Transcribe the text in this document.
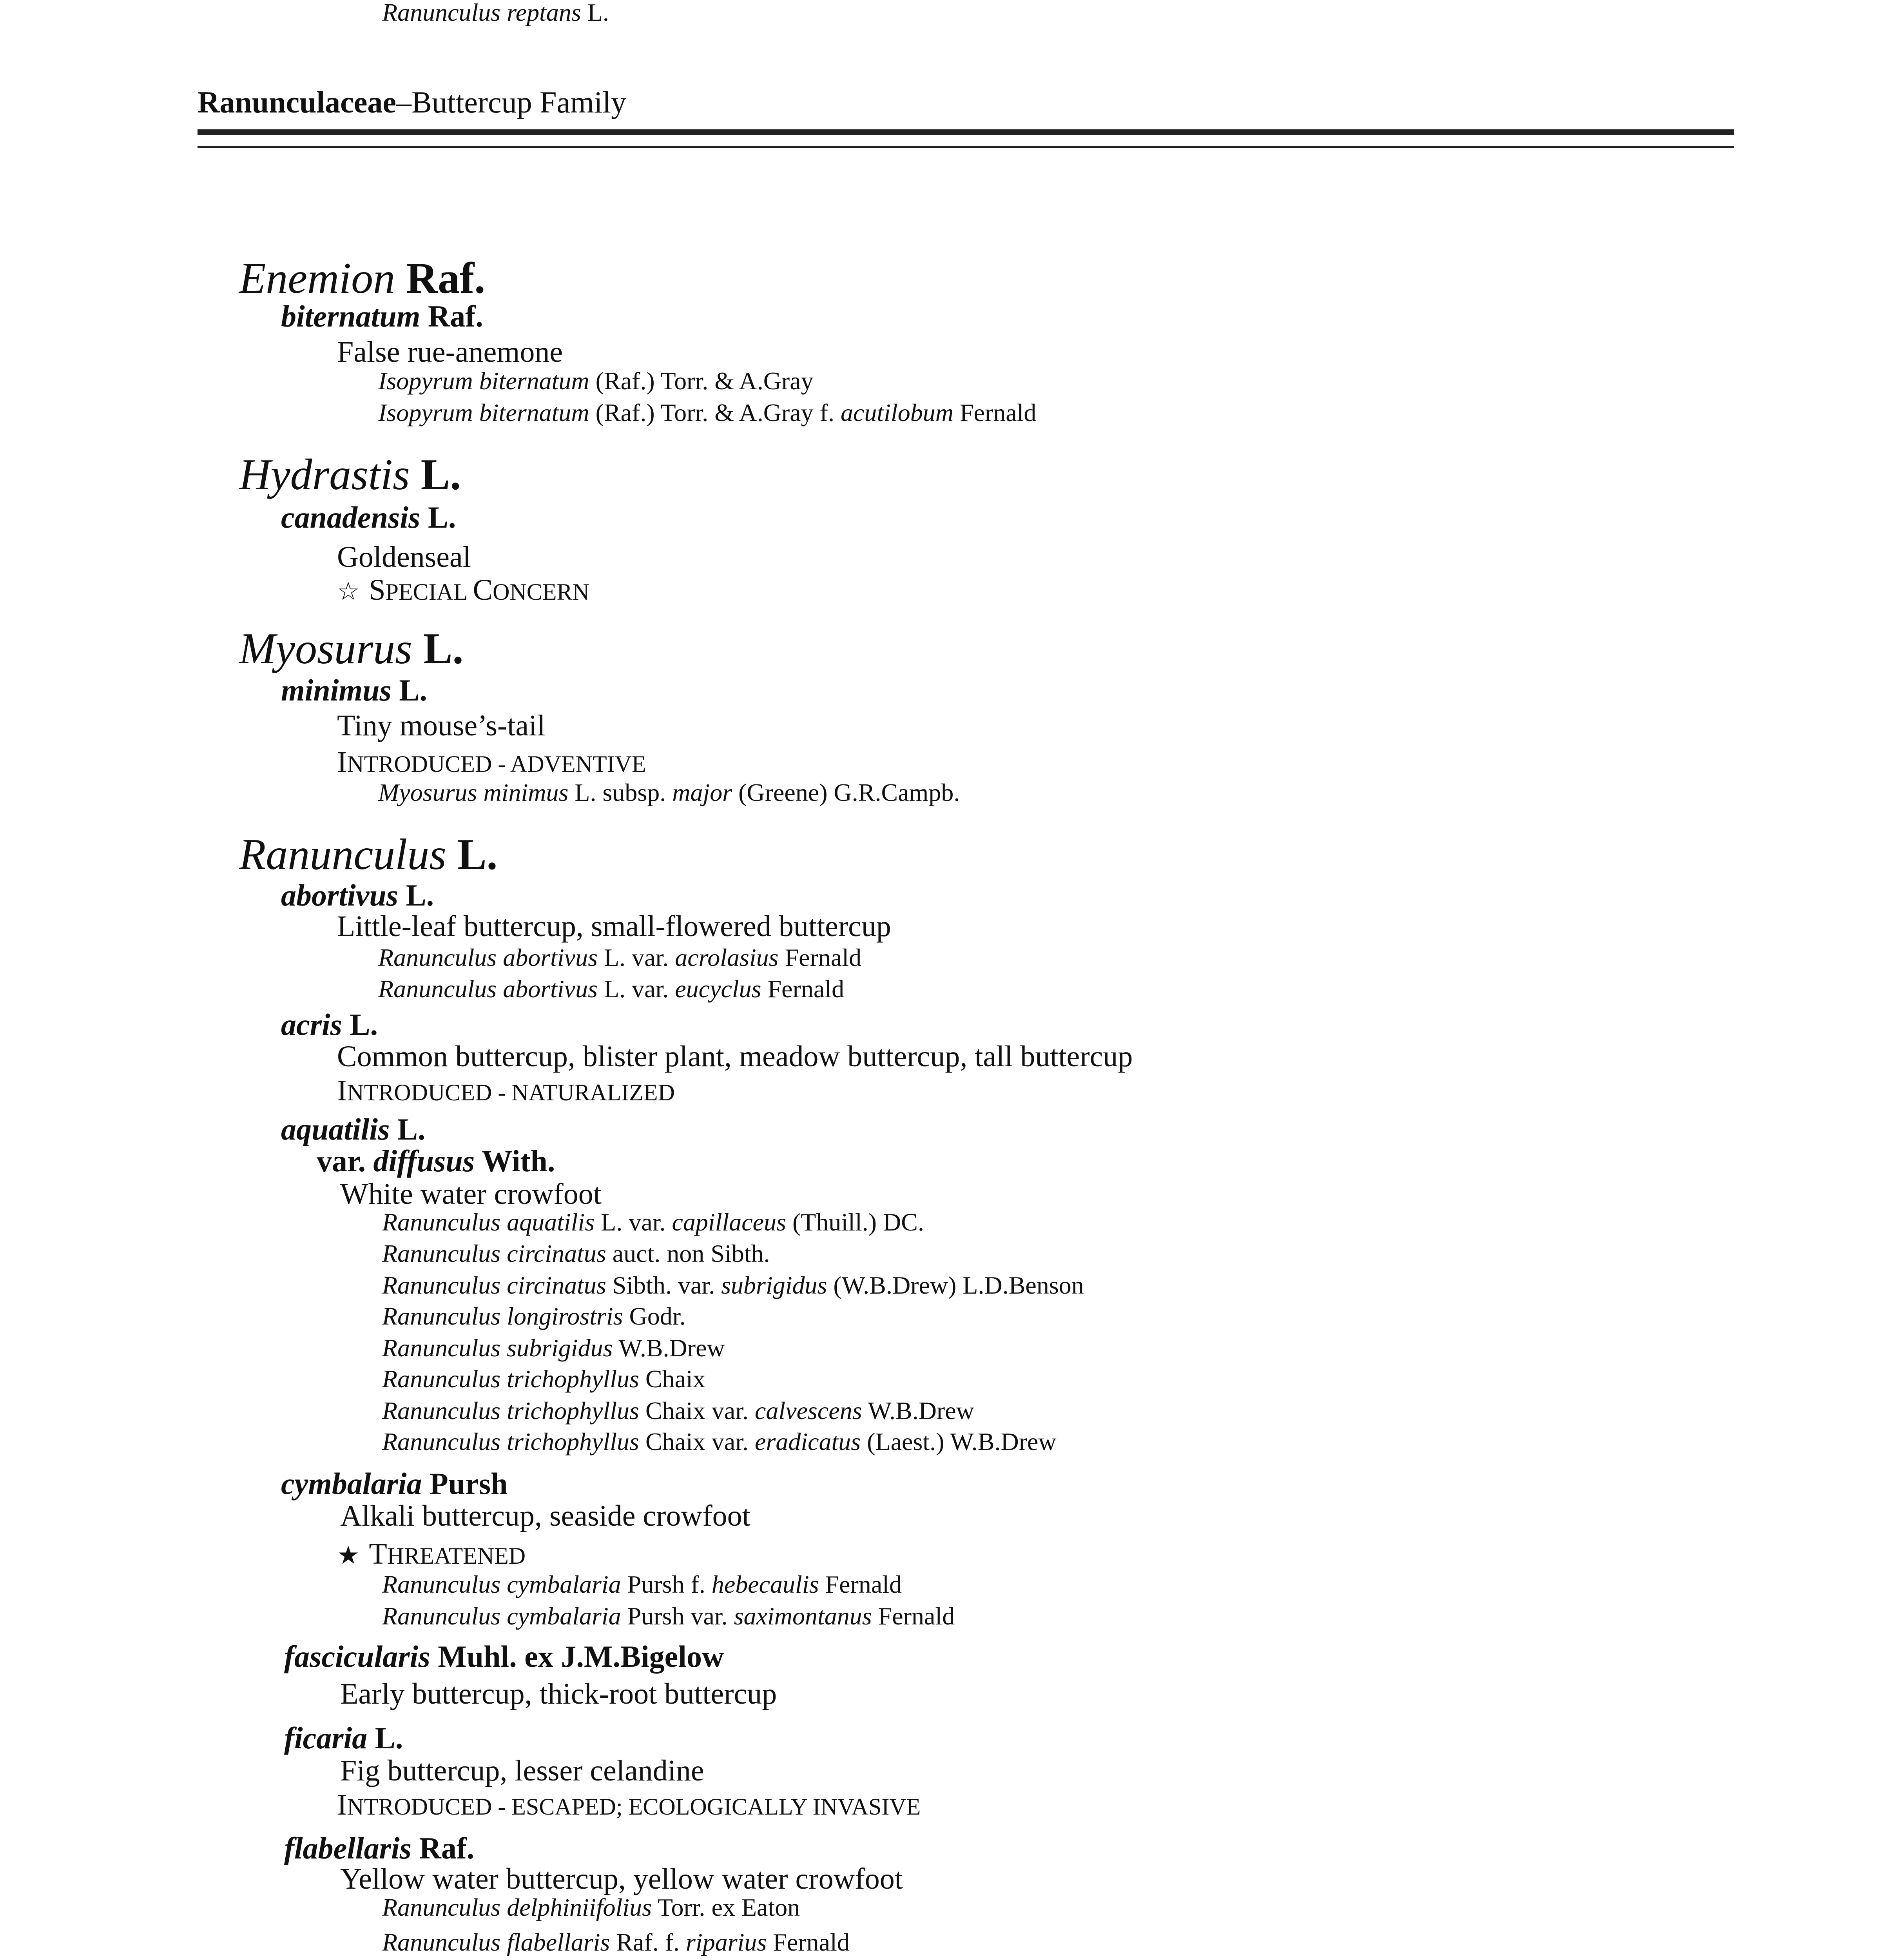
Ranunculaceae–Buttercup Family
Enemion Raf.
biternatum Raf.
False rue-anemone
Isopyrum biternatum (Raf.) Torr. & A.Gray
Isopyrum biternatum (Raf.) Torr. & A.Gray f. acutilobum Fernald
Hydrastis L.
canadensis L.
Goldenseal
☆ SPECIAL CONCERN
Myosurus L.
minimus L.
Tiny mouse’s-tail
INTRODUCED - ADVENTIVE
Myosurus minimus L. subsp. major (Greene) G.R.Campb.
Ranunculus L.
abortivus L.
Little-leaf buttercup, small-flowered buttercup
Ranunculus abortivus L. var. acrolasius Fernald
Ranunculus abortivus L. var. eucyclus Fernald
acris L.
Common buttercup, blister plant, meadow buttercup, tall buttercup
INTRODUCED - NATURALIZED
aquatilis L.
var. diffusus With.
White water crowfoot
Ranunculus aquatilis L. var. capillaceus (Thuill.) DC.
Ranunculus circinatus auct. non Sibth.
Ranunculus circinatus Sibth. var. subrigidus (W.B.Drew) L.D.Benson
Ranunculus longirostris Godr.
Ranunculus subrigidus W.B.Drew
Ranunculus trichophyllus Chaix
Ranunculus trichophyllus Chaix var. calvescens W.B.Drew
Ranunculus trichophyllus Chaix var. eradicatus (Laest.) W.B.Drew
cymbalaria Pursh
Alkali buttercup, seaside crowfoot
★ THREATENED
Ranunculus cymbalaria Pursh f. hebecaulis Fernald
Ranunculus cymbalaria Pursh var. saximontanus Fernald
fascicularis Muhl. ex J.M.Bigelow
Early buttercup, thick-root buttercup
ficaria L.
Fig buttercup, lesser celandine
INTRODUCED - ESCAPED; ECOLOGICALLY INVASIVE
flabellaris Raf.
Yellow water buttercup, yellow water crowfoot
Ranunculus delphiniifolius Torr. ex Eaton
Ranunculus flabellaris Raf. f. riparius Fernald
Ranunculus reptans L.
